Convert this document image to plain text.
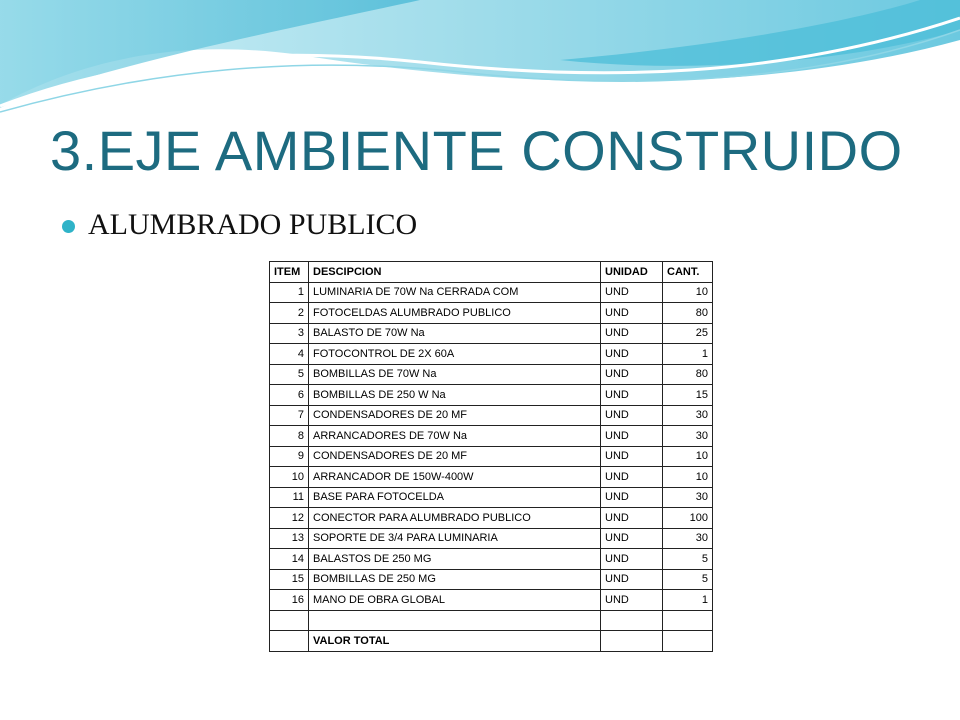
3.EJE AMBIENTE CONSTRUIDO
ALUMBRADO PUBLICO
ITEM	DESCIPCION	UNIDAD	CANT.
1	LUMINARIA DE 70W Na CERRADA COM	UND	10
2	FOTOCELDAS ALUMBRADO PUBLICO	UND	80
3	BALASTO DE 70W Na	UND	25
4	FOTOCONTROL DE 2X 60A	UND	1
5	BOMBILLAS DE 70W Na	UND	80
6	BOMBILLAS DE 250 W Na	UND	15
7	CONDENSADORES DE 20 MF	UND	30
8	ARRANCADORES DE 70W Na	UND	30
9	CONDENSADORES DE 20 MF	UND	10
10	ARRANCADOR DE 150W-400W	UND	10
11	BASE PARA FOTOCELDA	UND	30
12	CONECTOR PARA ALUMBRADO PUBLICO	UND	100
13	SOPORTE DE 3/4 PARA LUMINARIA	UND	30
14	BALASTOS DE 250 MG	UND	5
15	BOMBILLAS DE 250 MG	UND	5
16	MANO DE OBRA GLOBAL	UND	1

	VALOR TOTAL		
